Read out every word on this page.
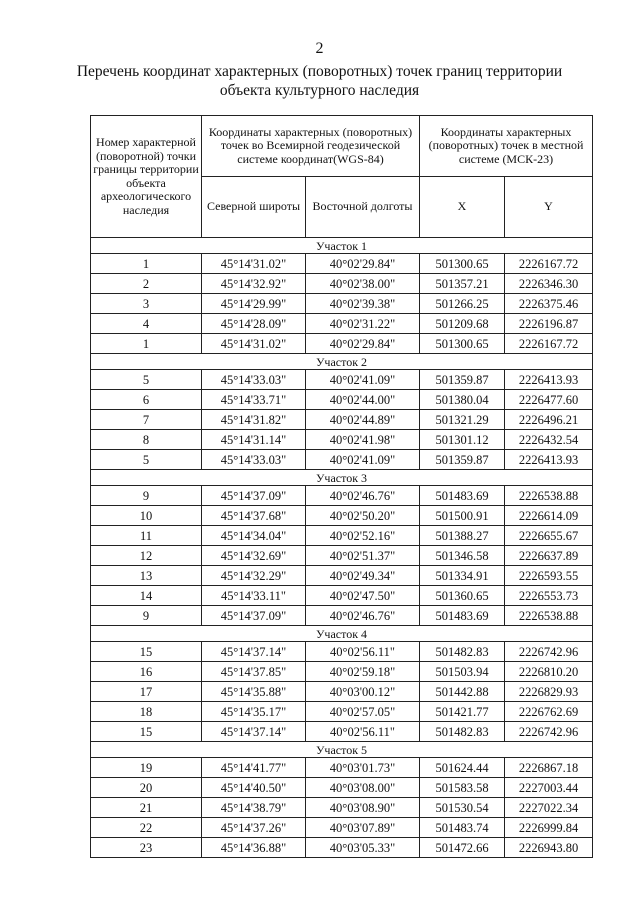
2
Перечень координат характерных (поворотных) точек границ территории
объекта культурного наследия
Номер характерной (поворотной) точки границы территории объекта археологического наследия	Координаты характерных (поворотных) точек во Всемирной геодезической системе координат(WGS-84)		Координаты характерных (поворотных) точек в местной системе (МСК-23)	
	Северной широты	Восточной долготы	X	Y
Участок 1				
1	45°14'31.02"	40°02'29.84"	501300.65	2226167.72
2	45°14'32.92"	40°02'38.00"	501357.21	2226346.30
3	45°14'29.99"	40°02'39.38"	501266.25	2226375.46
4	45°14'28.09"	40°02'31.22"	501209.68	2226196.87
1	45°14'31.02"	40°02'29.84"	501300.65	2226167.72
Участок 2				
5	45°14'33.03"	40°02'41.09"	501359.87	2226413.93
6	45°14'33.71"	40°02'44.00"	501380.04	2226477.60
7	45°14'31.82"	40°02'44.89"	501321.29	2226496.21
8	45°14'31.14"	40°02'41.98"	501301.12	2226432.54
5	45°14'33.03"	40°02'41.09"	501359.87	2226413.93
Участок 3				
9	45°14'37.09"	40°02'46.76"	501483.69	2226538.88
10	45°14'37.68"	40°02'50.20"	501500.91	2226614.09
11	45°14'34.04"	40°02'52.16"	501388.27	2226655.67
12	45°14'32.69"	40°02'51.37"	501346.58	2226637.89
13	45°14'32.29"	40°02'49.34"	501334.91	2226593.55
14	45°14'33.11"	40°02'47.50"	501360.65	2226553.73
9	45°14'37.09"	40°02'46.76"	501483.69	2226538.88
Участок 4				
15	45°14'37.14"	40°02'56.11"	501482.83	2226742.96
16	45°14'37.85"	40°02'59.18"	501503.94	2226810.20
17	45°14'35.88"	40°03'00.12"	501442.88	2226829.93
18	45°14'35.17"	40°02'57.05"	501421.77	2226762.69
15	45°14'37.14"	40°02'56.11"	501482.83	2226742.96
Участок 5				
19	45°14'41.77"	40°03'01.73"	501624.44	2226867.18
20	45°14'40.50"	40°03'08.00"	501583.58	2227003.44
21	45°14'38.79"	40°03'08.90"	501530.54	2227022.34
22	45°14'37.26"	40°03'07.89"	501483.74	2226999.84
23	45°14'36.88"	40°03'05.33"	501472.66	2226943.80
